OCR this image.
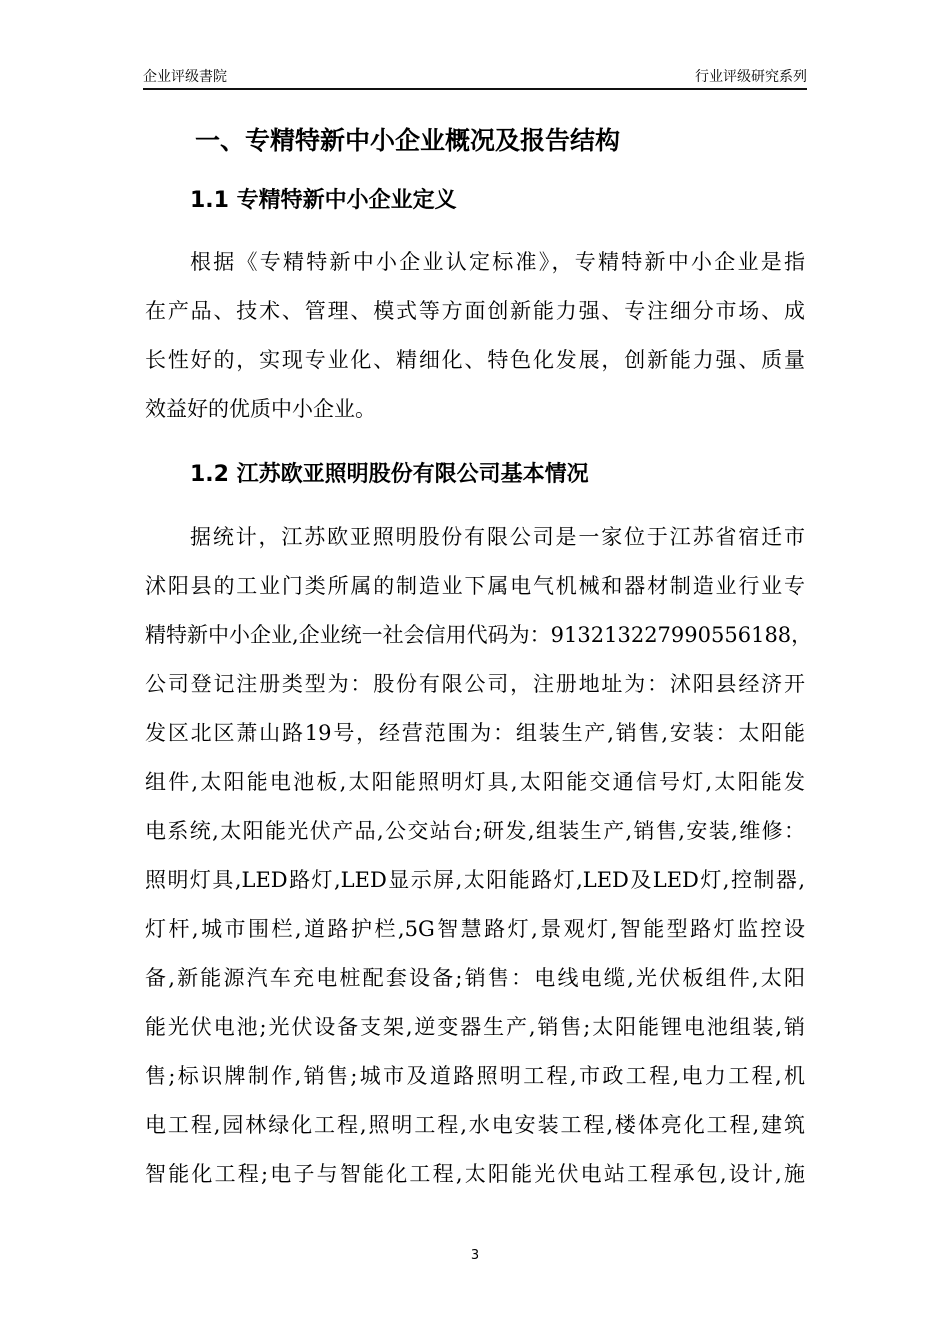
企业评级書院	行业评级研究系列
一、专精特新中小企业概况及报告结构
1.1 专精特新中小企业定义
根据《专精特新中小企业认定标准》，专精特新中小企业是指
在产品、技术、管理、模式等方面创新能力强、专注细分市场、成
长性好的，实现专业化、精细化、特色化发展，创新能力强、质量
效益好的优质中小企业。
1.2 江苏欧亚照明股份有限公司基本情况
据统计，江苏欧亚照明股份有限公司是一家位于江苏省宿迁市
沭阳县的工业门类所属的制造业下属电气机械和器材制造业行业专
精特新中小企业,企业统一社会信用代码为：913213227990556188，
公司登记注册类型为：股份有限公司，注册地址为：沭阳县经济开
发区北区萧山路19号，经营范围为：组装生产,销售,安装：太阳能
组件,太阳能电池板,太阳能照明灯具,太阳能交通信号灯,太阳能发
电系统,太阳能光伏产品,公交站台;研发,组装生产,销售,安装,维修：
照明灯具,LED路灯,LED显示屏,太阳能路灯,LED及LED灯,控制器,
灯杆,城市围栏,道路护栏,5G智慧路灯,景观灯,智能型路灯监控设
备,新能源汽车充电桩配套设备;销售：电线电缆,光伏板组件,太阳
能光伏电池;光伏设备支架,逆变器生产,销售;太阳能锂电池组装,销
售;标识牌制作,销售;城市及道路照明工程,市政工程,电力工程,机
电工程,园林绿化工程,照明工程,水电安装工程,楼体亮化工程,建筑
智能化工程;电子与智能化工程,太阳能光伏电站工程承包,设计,施
3
